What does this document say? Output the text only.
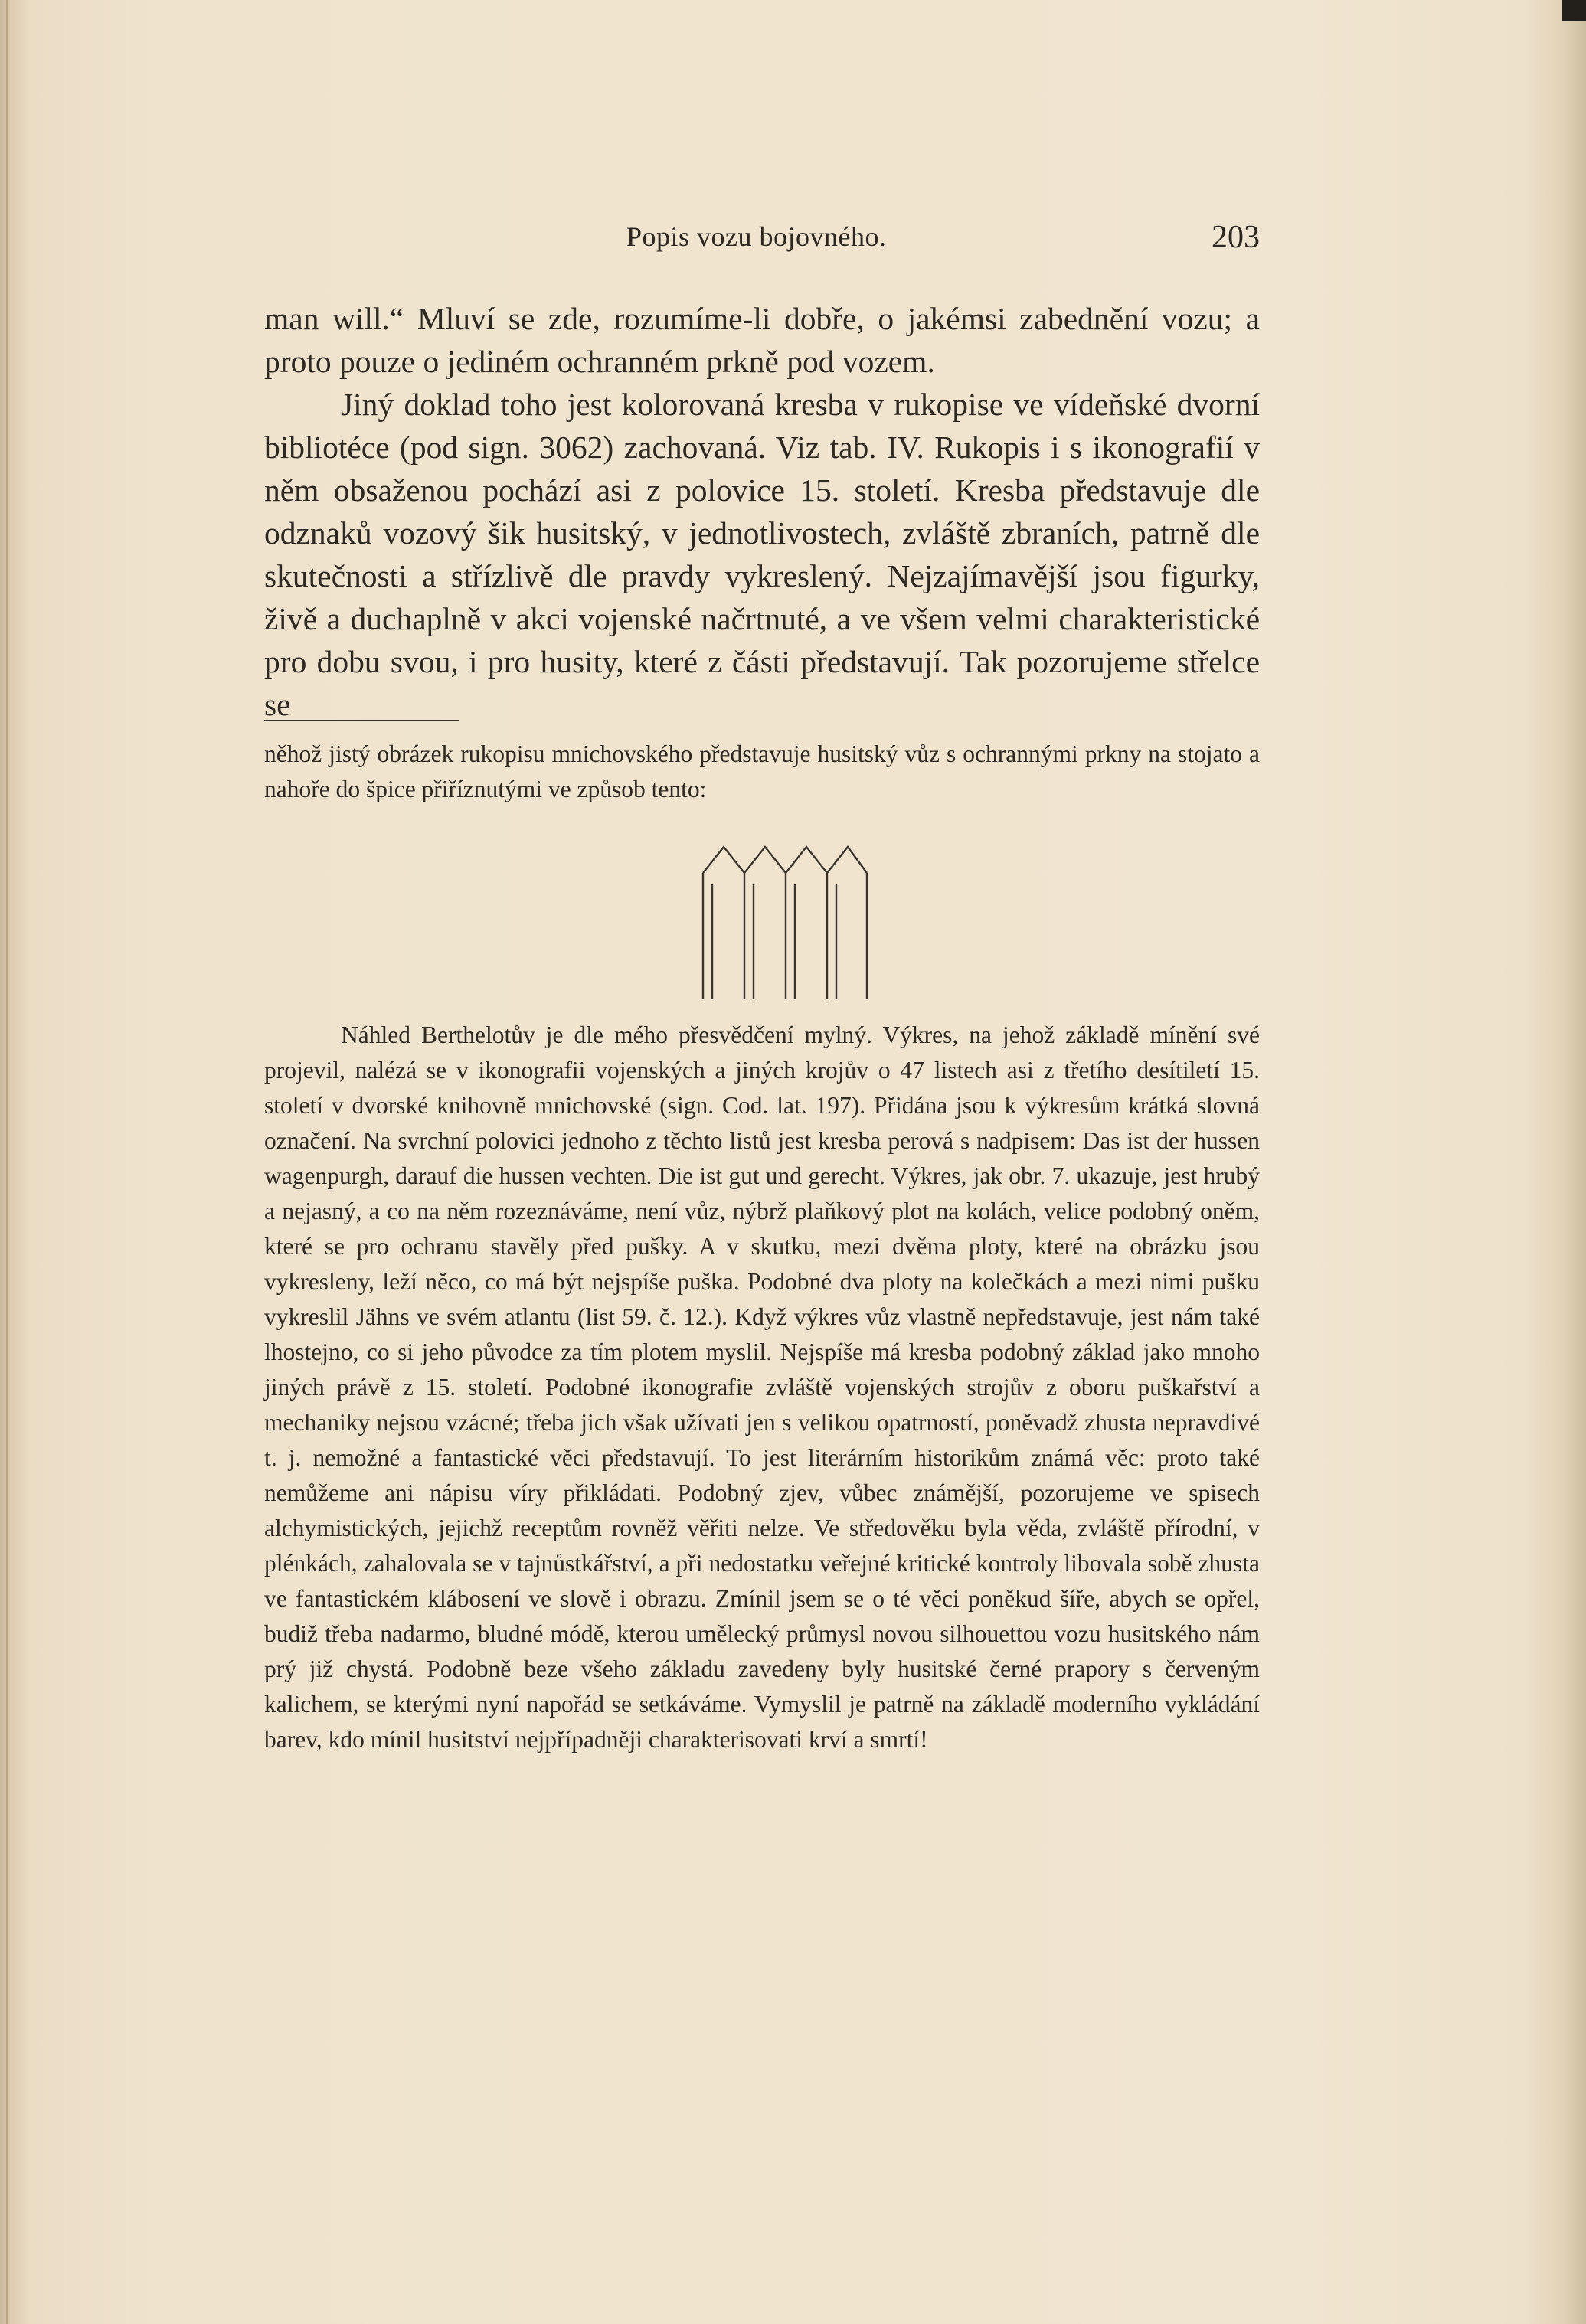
Popis vozu bojovného.	203

man will.“ Mluví se zde, rozumíme-li dobře, o jakémsi zabednění vozu; a proto pouze o jediném ochranném prkně pod vozem.

Jiný doklad toho jest kolorovaná kresba v rukopise ve vídeňské dvorní bibliotéce (pod sign. 3062) zachovaná. Viz tab. IV. Rukopis i s ikonografií v něm obsaženou pochází asi z polovice 15. století. Kresba představuje dle odznaků vozový šik husitský, v jednotlivostech, zvláště zbraních, patrně dle skutečnosti a střízlivě dle pravdy vykreslený. Nejzajímavější jsou figurky, živě a duchaplně v akci vojenské načrtnuté, a ve všem velmi charakteristické pro dobu svou, i pro husity, které z části představují. Tak pozorujeme střelce se

něhož jistý obrázek rukopisu mnichovského představuje husitský vůz s ochrannými prkny na stojato a nahoře do špice přiříznutými ve způsob tento:

Náhled Berthelotův je dle mého přesvědčení mylný. Výkres, na jehož základě mínění své projevil, nalézá se v ikonografii vojenských a jiných krojův o 47 listech asi z třetího desítiletí 15. století v dvorské knihovně mnichovské (sign. Cod. lat. 197). Přidána jsou k výkresům krátká slovná označení. Na svrchní polovici jednoho z těchto listů jest kresba perová s nadpisem: Das ist der hussen wagenpurgh, darauf die hussen vechten. Die ist gut und gerecht. Výkres, jak obr. 7. ukazuje, jest hrubý a nejasný, a co na něm rozeznáváme, není vůz, nýbrž plaňkový plot na kolách, velice podobný oněm, které se pro ochranu stavěly před pušky. A v skutku, mezi dvěma ploty, které na obrázku jsou vykresleny, leží něco, co má být nejspíše puška. Podobné dva ploty na kolečkách a mezi nimi pušku vykreslil Jähns ve svém atlantu (list 59. č. 12.). Když výkres vůz vlastně nepředstavuje, jest nám také lhostejno, co si jeho původce za tím plotem myslil. Nejspíše má kresba podobný základ jako mnoho jiných právě z 15. století. Podobné ikonografie zvláště vojenských strojův z oboru puškařství a mechaniky nejsou vzácné; třeba jich však užívati jen s velikou opatrností, poněvadž zhusta nepravdivé t. j. nemožné a fantastické věci představují. To jest literárním historikům známá věc: proto také nemůžeme ani nápisu víry přikládati. Podobný zjev, vůbec známější, pozorujeme ve spisech alchymistických, jejichž receptům rovněž věřiti nelze. Ve středověku byla věda, zvláště přírodní, v plénkách, zahalovala se v tajnůstkářství, a při nedostatku veřejné kritické kontroly libovala sobě zhusta ve fantastickém klábosení ve slově i obrazu. Zmínil jsem se o té věci poněkud šíře, abych se opřel, budiž třeba nadarmo, bludné módě, kterou umělecký průmysl novou silhouettou vozu husitského nám prý již chystá. Podobně beze všeho základu zavedeny byly husitské černé prapory s červeným kalichem, se kterými nyní napořád se setkáváme. Vymyslil je patrně na základě moderního vykládání barev, kdo mínil husitství nejpřípadněji charakterisovati krví a smrtí!
